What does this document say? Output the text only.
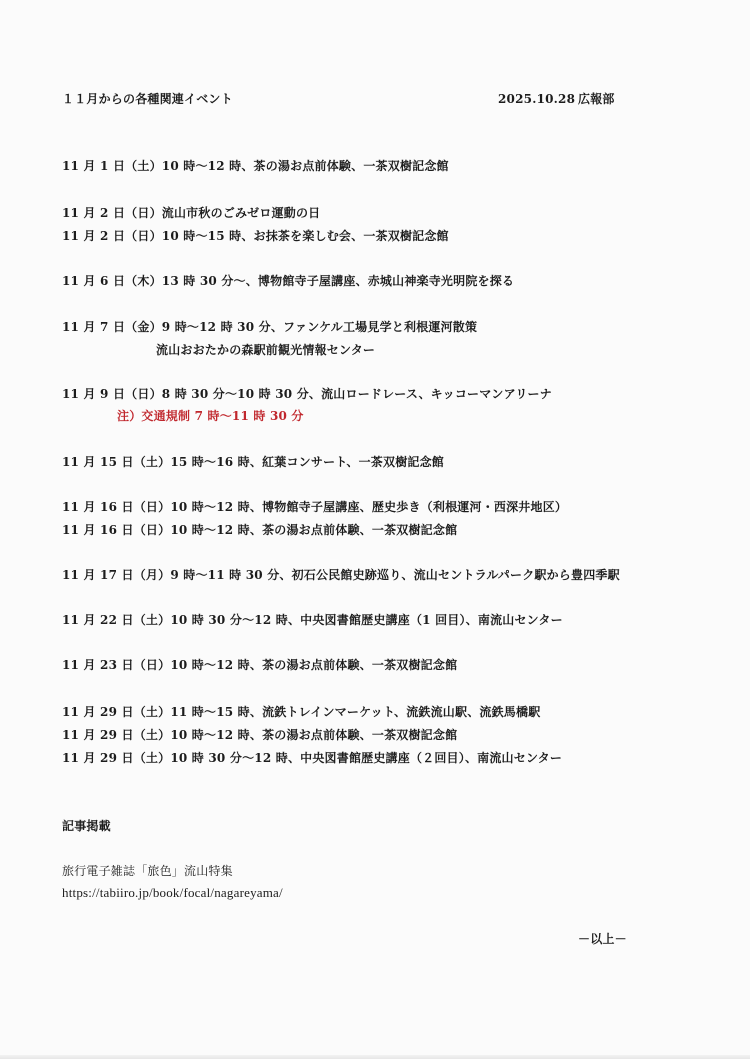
１１月からの各種関連イベント	2025.10.28 広報部
11 月 1 日（土）10 時～12 時、茶の湯お点前体験、一茶双樹記念館
11 月 2 日（日）流山市秋のごみゼロ運動の日
11 月 2 日（日）10 時～15 時、お抹茶を楽しむ会、一茶双樹記念館
11 月 6 日（木）13 時 30 分～、博物館寺子屋講座、赤城山神楽寺光明院を探る
11 月 7 日（金）9 時～12 時 30 分、ファンケル工場見学と利根運河散策
流山おおたかの森駅前観光情報センター
11 月 9 日（日）8 時 30 分～10 時 30 分、流山ロードレース、キッコーマンアリーナ
注）交通規制 7 時～11 時 30 分
11 月 15 日（土）15 時～16 時、紅葉コンサート、一茶双樹記念館
11 月 16 日（日）10 時～12 時、博物館寺子屋講座、歴史歩き（利根運河・西深井地区）
11 月 16 日（日）10 時～12 時、茶の湯お点前体験、一茶双樹記念館
11 月 17 日（月）9 時～11 時 30 分、初石公民館史跡巡り、流山セントラルパーク駅から豊四季駅
11 月 22 日（土）10 時 30 分～12 時、中央図書館歴史講座（1 回目）、南流山センター
11 月 23 日（日）10 時～12 時、茶の湯お点前体験、一茶双樹記念館
11 月 29 日（土）11 時～15 時、流鉄トレインマーケット、流鉄流山駅、流鉄馬橋駅
11 月 29 日（土）10 時～12 時、茶の湯お点前体験、一茶双樹記念館
11 月 29 日（土）10 時 30 分～12 時、中央図書館歴史講座（２回目）、南流山センター
記事掲載
旅行電子雑誌「旅色」流山特集
https://tabiiro.jp/book/focal/nagareyama/
－以上－
